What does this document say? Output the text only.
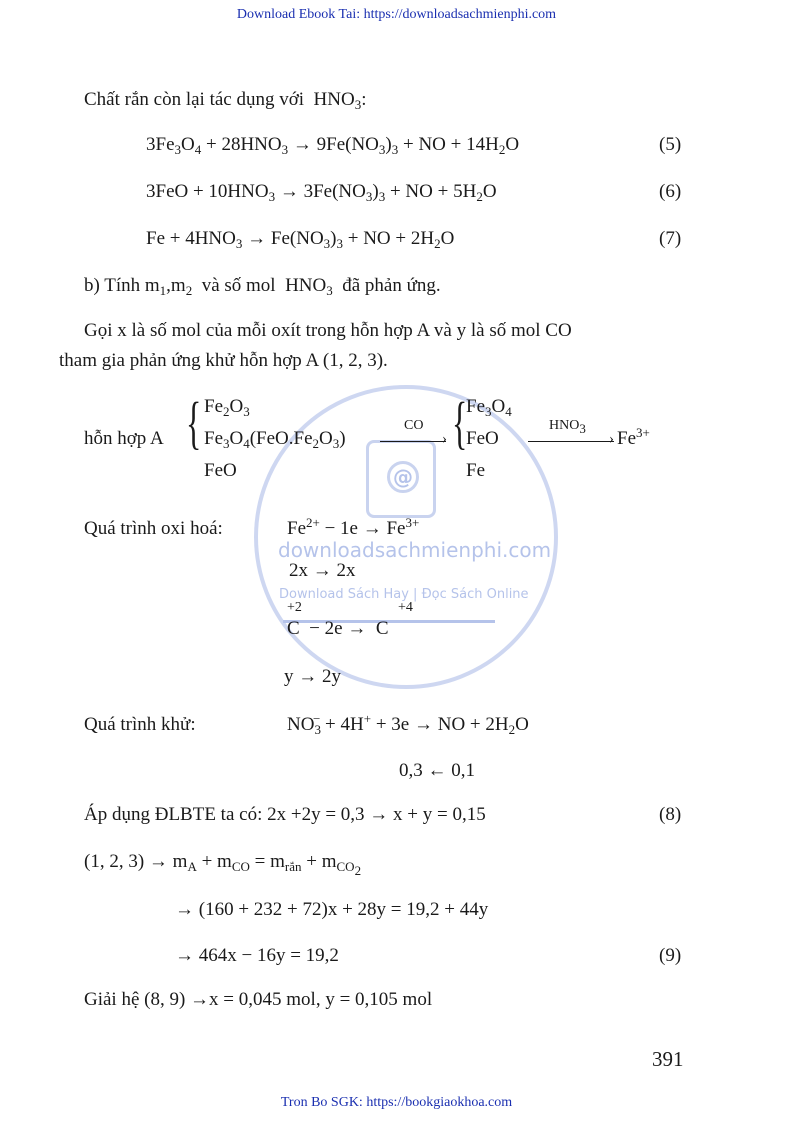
Download Ebook Tai: https://downloadsachmienphi.com
@
downloadsachmienphi.com
Download Sách Hay | Đọc Sách Online
Chất rắn còn lại tác dụng với $HNO_3$:
$3Fe_3O_4 + 28HNO_3 \to 9Fe(NO_3)_3$ + NO + $14H_2O$	(5)
$3FeO + 10HNO_3 \to 3Fe(NO_3)_3$ + NO + $5H_2O$	(6)
$Fe + 4HNO_3 \to Fe(NO_3)_3$ + NO + $2H_2O$	(7)
b) Tính $m_1,m_2$ và số mol  $HNO_3$ đã phản ứng.
Gọi x là số mol của mỗi oxít trong hỗn hợp A và y là số mol CO
tham gia phản ứng khử hỗn hợp A (1, 2, 3).
hỗn hợp A { $Fe_2O_3$
$Fe_3O_4(FeO.Fe_2O_3)$
FeO
CO
› {
$Fe_3O_4$
FeO
Fe
$HNO_3$
› $Fe^{3+}$
Quá trình oxi hoá:	$Fe^{2+} - 1e \to Fe^{3+}$
2x → 2x
+2	+4
C  − 2e →  C
y → 2y
Quá trình khử:	$NO_3^- + 4H^+ + 3e$ → NO + $2H_2O$
0,3 ← 0,1
Áp dụng ĐLBTE ta có: 2x +2y = 0,3 → x + y = 0,15	(8)
(1, 2, $3) \to m_A + m_{CO} = m_{rắn} + m_{CO_2}$
→ (160 + 232 + 72)x + 28y = 19,2 + 44y
→ 464x − 16y = 19,2	(9)
Giải hệ (8, 9) →x = 0,045 mol, y = 0,105 mol
391
Tron Bo SGK: https://bookgiaokhoa.com
